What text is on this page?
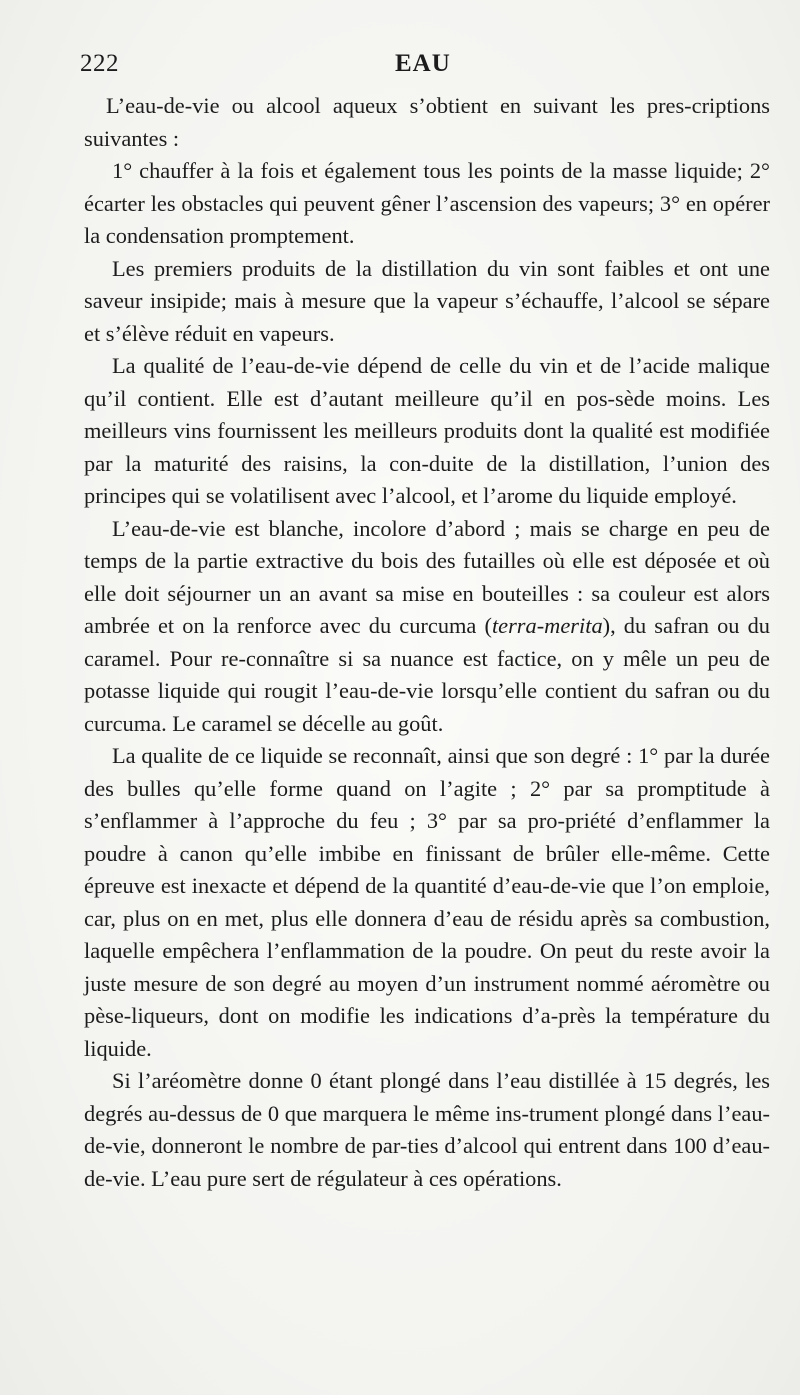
222	EAU

L’eau-de-vie ou alcool aqueux s’obtient en suivant les pres-criptions suivantes :

1° chauffer à la fois et également tous les points de la masse liquide; 2° écarter les obstacles qui peuvent gêner l’ascension des vapeurs; 3° en opérer la condensation promptement.

Les premiers produits de la distillation du vin sont faibles et ont une saveur insipide; mais à mesure que la vapeur s’échauffe, l’alcool se sépare et s’élève réduit en vapeurs.

La qualité de l’eau-de-vie dépend de celle du vin et de l’acide malique qu’il contient. Elle est d’autant meilleure qu’il en pos-sède moins. Les meilleurs vins fournissent les meilleurs produits dont la qualité est modifiée par la maturité des raisins, la con-duite de la distillation, l’union des principes qui se volatilisent avec l’alcool, et l’arome du liquide employé.

L’eau-de-vie est blanche, incolore d’abord ; mais se charge en peu de temps de la partie extractive du bois des futailles où elle est déposée et où elle doit séjourner un an avant sa mise en bouteilles : sa couleur est alors ambrée et on la renforce avec du curcuma (terra-merita), du safran ou du caramel. Pour re-connaître si sa nuance est factice, on y mêle un peu de potasse liquide qui rougit l’eau-de-vie lorsqu’elle contient du safran ou du curcuma. Le caramel se décelle au goût.

La qualite de ce liquide se reconnaît, ainsi que son degré : 1° par la durée des bulles qu’elle forme quand on l’agite ; 2° par sa promptitude à s’enflammer à l’approche du feu ; 3° par sa pro-priété d’enflammer la poudre à canon qu’elle imbibe en finissant de brûler elle-même. Cette épreuve est inexacte et dépend de la quantité d’eau-de-vie que l’on emploie, car, plus on en met, plus elle donnera d’eau de résidu après sa combustion, laquelle empêchera l’enflammation de la poudre. On peut du reste avoir la juste mesure de son degré au moyen d’un instrument nommé aéromètre ou pèse-liqueurs, dont on modifie les indications d’a-près la température du liquide.

Si l’aréomètre donne 0 étant plongé dans l’eau distillée à 15 degrés, les degrés au-dessus de 0 que marquera le même ins-trument plongé dans l’eau-de-vie, donneront le nombre de par-ties d’alcool qui entrent dans 100 d’eau-de-vie. L’eau pure sert de régulateur à ces opérations.
